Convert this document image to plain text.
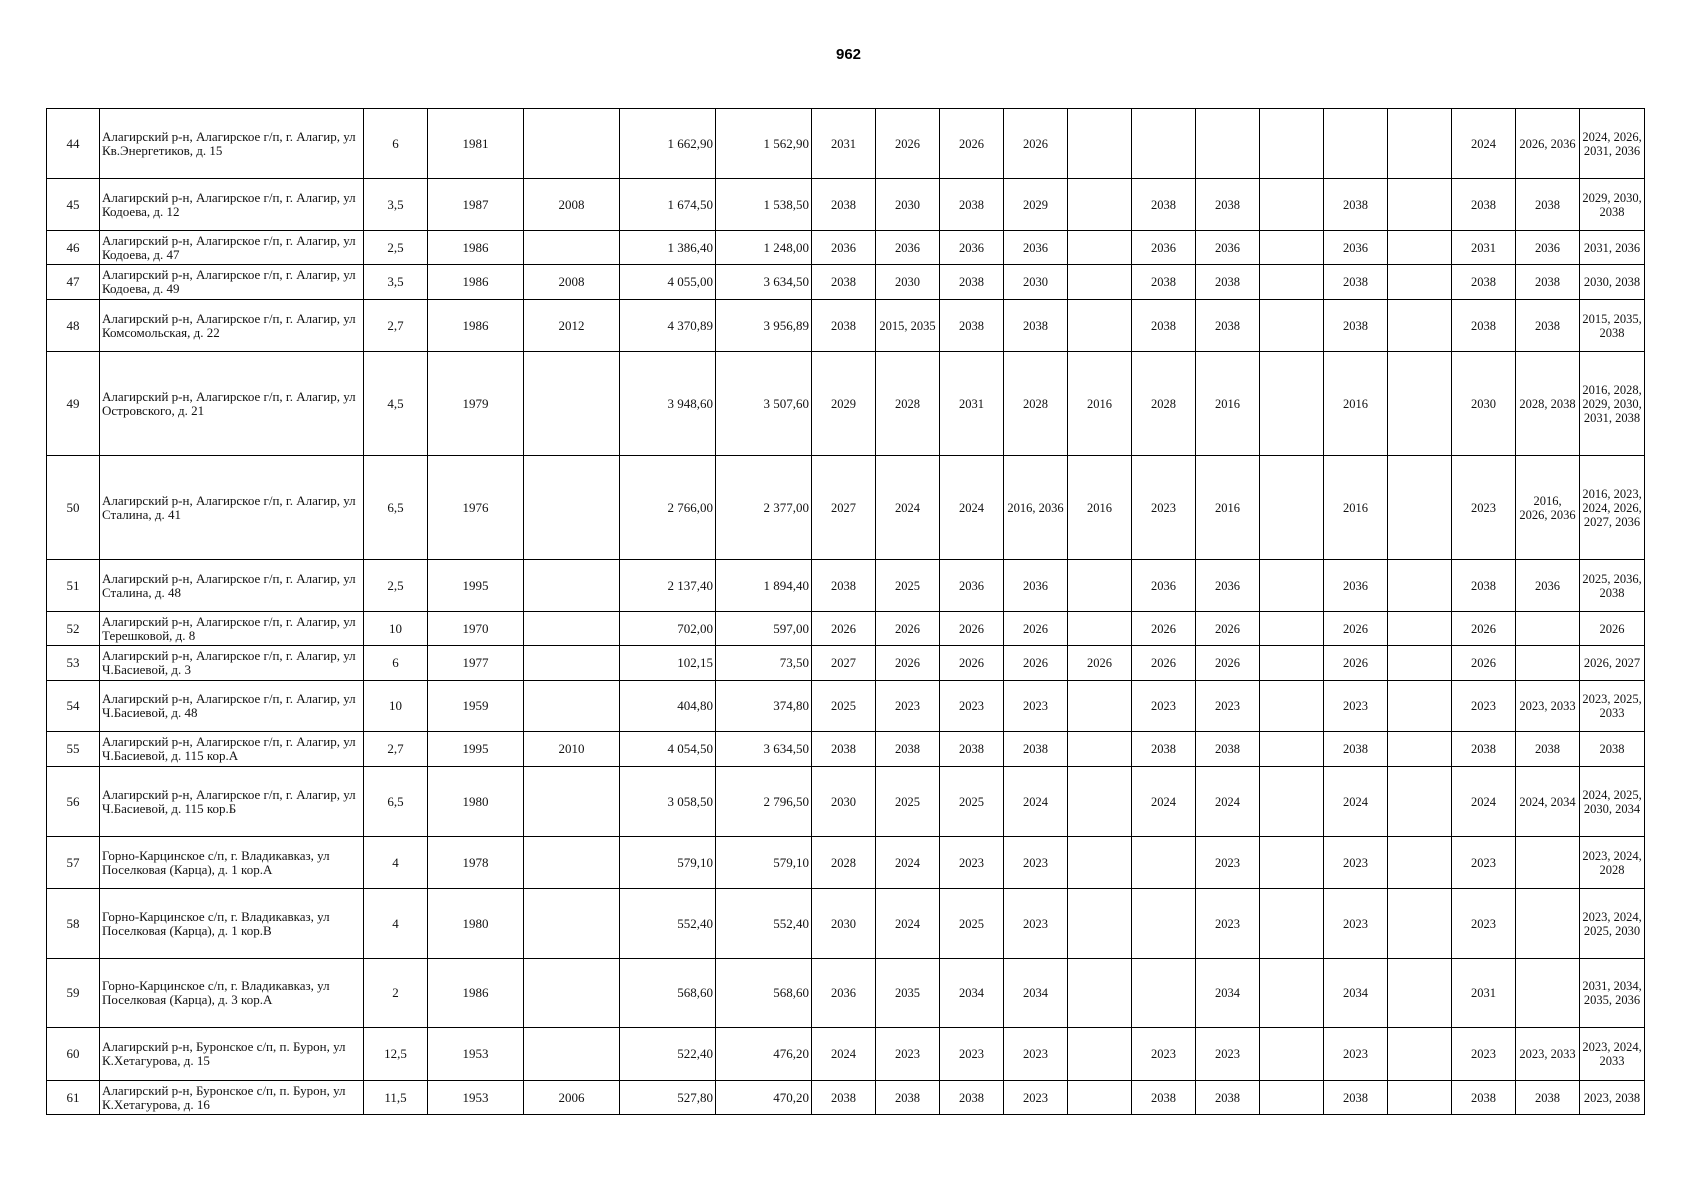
962
44	Алагирский р-н, Алагирское г/п, г. Алагир, ул Кв.Энергетиков, д. 15	6	1981		1 662,90	1 562,90	2031	2026	2026	2026							2024	2026, 2036	2024, 2026, 2031, 2036
45	Алагирский р-н, Алагирское г/п, г. Алагир, ул Кодоева, д. 12	3,5	1987	2008	1 674,50	1 538,50	2038	2030	2038	2029		2038	2038		2038		2038	2038	2029, 2030, 2038
46	Алагирский р-н, Алагирское г/п, г. Алагир, ул Кодоева, д. 47	2,5	1986		1 386,40	1 248,00	2036	2036	2036	2036		2036	2036		2036		2031	2036	2031, 2036
47	Алагирский р-н, Алагирское г/п, г. Алагир, ул Кодоева, д. 49	3,5	1986	2008	4 055,00	3 634,50	2038	2030	2038	2030		2038	2038		2038		2038	2038	2030, 2038
48	Алагирский р-н, Алагирское г/п, г. Алагир, ул Комсомольская, д. 22	2,7	1986	2012	4 370,89	3 956,89	2038	2015, 2035	2038	2038		2038	2038		2038		2038	2038	2015, 2035, 2038
49	Алагирский р-н, Алагирское г/п, г. Алагир, ул Островского, д. 21	4,5	1979		3 948,60	3 507,60	2029	2028	2031	2028	2016	2028	2016		2016		2030	2028, 2038	2016, 2028, 2029, 2030, 2031, 2038
50	Алагирский р-н, Алагирское г/п, г. Алагир, ул Сталина, д. 41	6,5	1976		2 766,00	2 377,00	2027	2024	2024	2016, 2036	2016	2023	2016		2016		2023	2016, 2026, 2036	2016, 2023, 2024, 2026, 2027, 2036
51	Алагирский р-н, Алагирское г/п, г. Алагир, ул Сталина, д. 48	2,5	1995		2 137,40	1 894,40	2038	2025	2036	2036		2036	2036		2036		2038	2036	2025, 2036, 2038
52	Алагирский р-н, Алагирское г/п, г. Алагир, ул Терешковой, д. 8	10	1970		702,00	597,00	2026	2026	2026	2026		2026	2026		2026		2026		2026
53	Алагирский р-н, Алагирское г/п, г. Алагир, ул Ч.Басиевой, д. 3	6	1977		102,15	73,50	2027	2026	2026	2026	2026	2026	2026		2026		2026		2026, 2027
54	Алагирский р-н, Алагирское г/п, г. Алагир, ул Ч.Басиевой, д. 48	10	1959		404,80	374,80	2025	2023	2023	2023		2023	2023		2023		2023	2023, 2033	2023, 2025, 2033
55	Алагирский р-н, Алагирское г/п, г. Алагир, ул Ч.Басиевой, д. 115 кор.А	2,7	1995	2010	4 054,50	3 634,50	2038	2038	2038	2038		2038	2038		2038		2038	2038	2038
56	Алагирский р-н, Алагирское г/п, г. Алагир, ул Ч.Басиевой, д. 115 кор.Б	6,5	1980		3 058,50	2 796,50	2030	2025	2025	2024		2024	2024		2024		2024	2024, 2034	2024, 2025, 2030, 2034
57	Горно-Карцинское с/п, г. Владикавказ, ул Поселковая (Карца), д. 1 кор.А	4	1978		579,10	579,10	2028	2024	2023	2023			2023		2023		2023		2023, 2024, 2028
58	Горно-Карцинское с/п, г. Владикавказ, ул Поселковая (Карца), д. 1 кор.В	4	1980		552,40	552,40	2030	2024	2025	2023			2023		2023		2023		2023, 2024, 2025, 2030
59	Горно-Карцинское с/п, г. Владикавказ, ул Поселковая (Карца), д. 3 кор.А	2	1986		568,60	568,60	2036	2035	2034	2034			2034		2034		2031		2031, 2034, 2035, 2036
60	Алагирский р-н, Буронское с/п, п. Бурон, ул К.Хетагурова, д. 15	12,5	1953		522,40	476,20	2024	2023	2023	2023		2023	2023		2023		2023	2023, 2033	2023, 2024, 2033
61	Алагирский р-н, Буронское с/п, п. Бурон, ул К.Хетагурова, д. 16	11,5	1953	2006	527,80	470,20	2038	2038	2038	2023		2038	2038		2038		2038	2038	2023, 2038
